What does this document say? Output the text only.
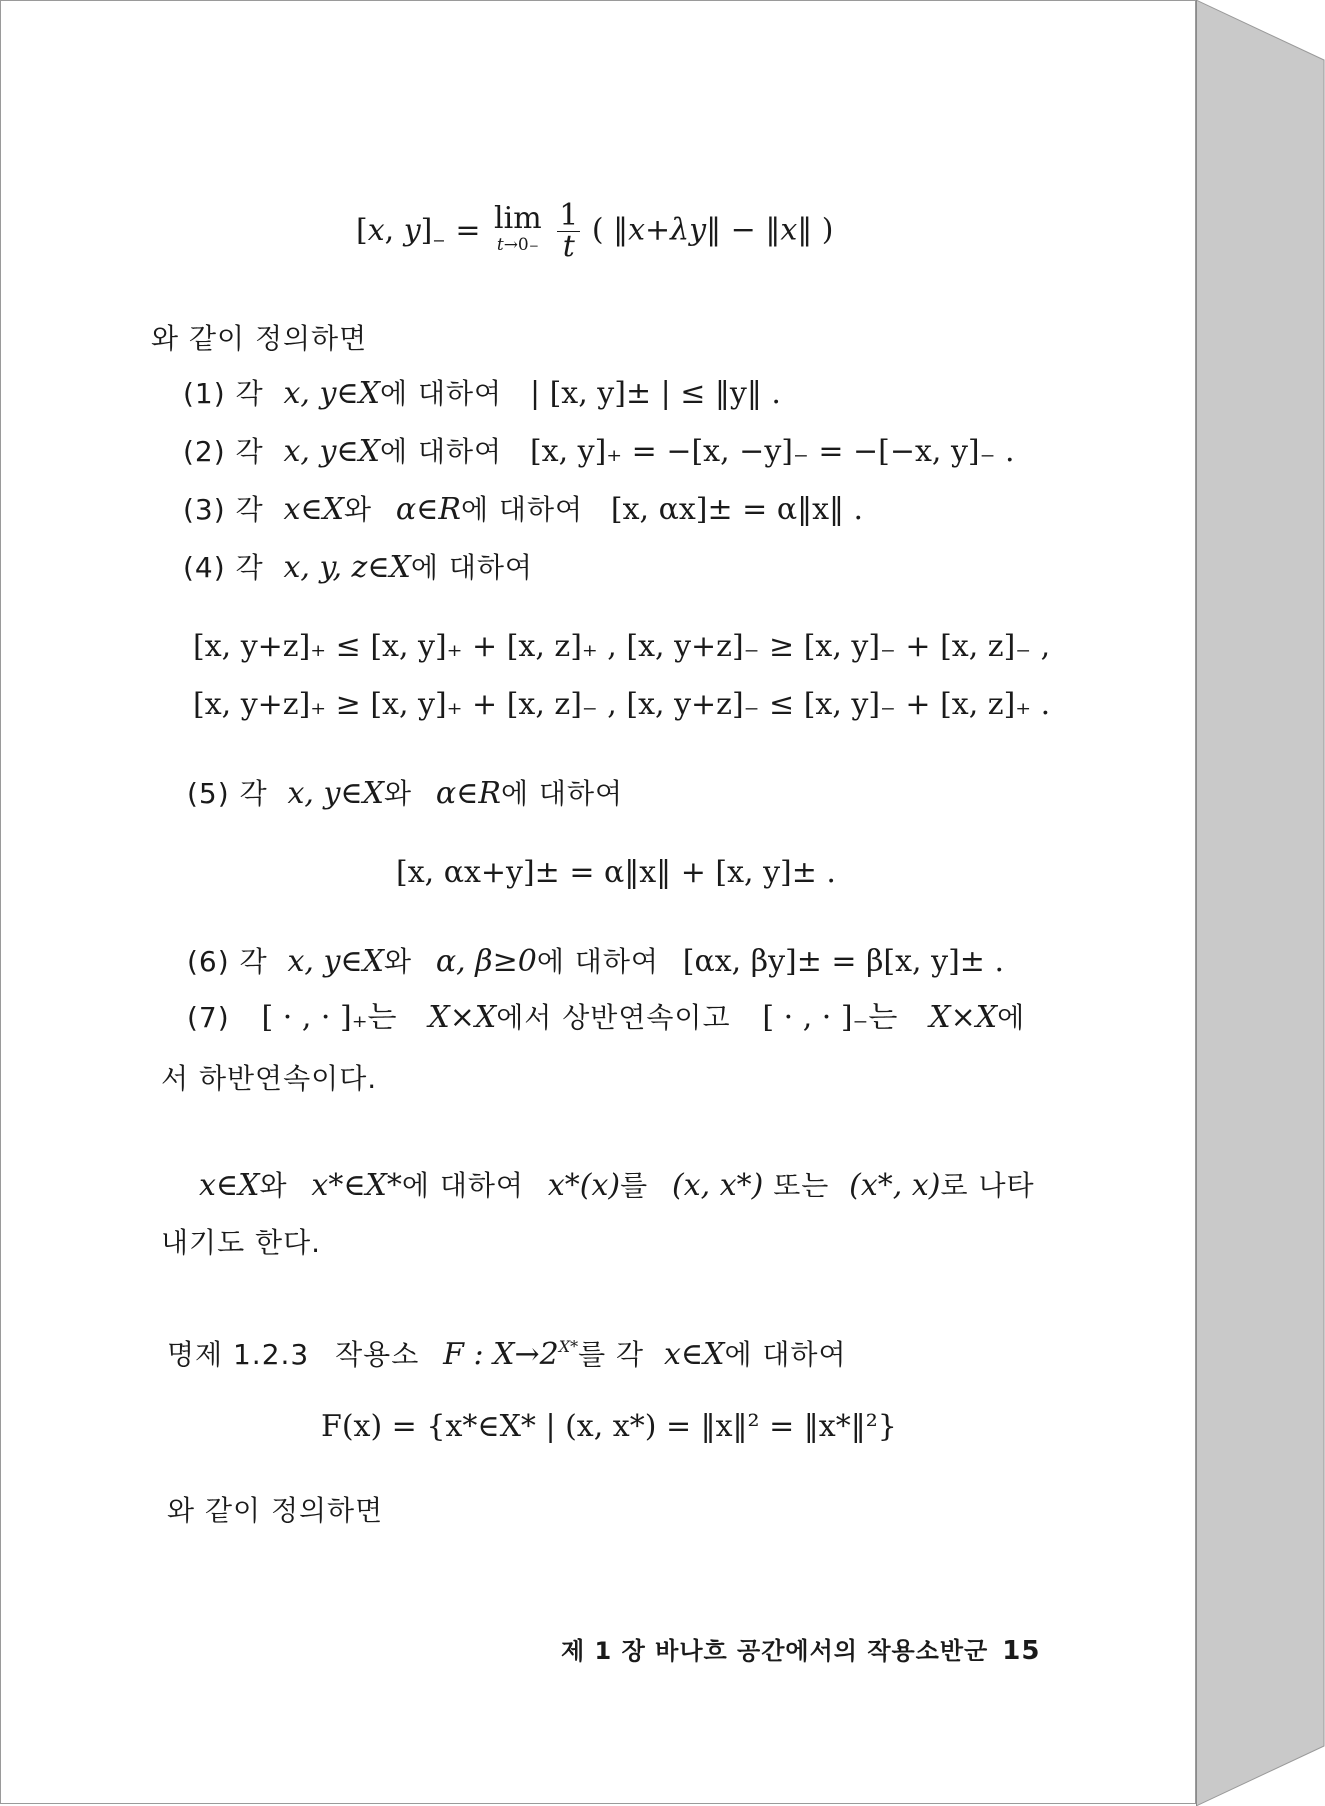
[x, $y]_- = \lim$
t→0−
$\frac{1}{t}$ ( ‖x+λy‖ − ‖x‖ )
와 같이 정의하면
(1) 각 x, y∈X에 대하여 | [x, y]± | ≤ ‖y‖ .
(2) 각 x, y∈X에 대하여 [x, y]₊ = −[x, −y]₋ = −[−x, y]₋ .
(3) 각 x∈X와 α∈R에 대하여 [x, αx]± = α‖x‖ .
(4) 각 x, y, z∈X에 대하여
[x, y+z]₊ ≤ [x, y]₊ + [x, z]₊ , [x, y+z]₋ ≥ [x, y]₋ + [x, z]₋ ,
[x, y+z]₊ ≥ [x, y]₊ + [x, z]₋ , [x, y+z]₋ ≤ [x, y]₋ + [x, z]₊ .
(5) 각 x, y∈X와 α∈R에 대하여
[x, αx+y]± = α‖x‖ + [x, y]± .
(6) 각 x, y∈X와 α, β≥0에 대하여 [αx, βy]± = β[x, y]± .
(7) [ · , · ]₊는 X×X에서 상반연속이고 [ · , · ]₋는 X×X에
서 하반연속이다.
x∈X와 x*∈X*에 대하여 x*(x)를 (x, x*) 또는 (x*, x)로 나타
내기도 한다.
명제 1.2.3 작용소 F : $X\to 2^{X*}$를 각 x∈X에 대하여
F(x) = {x*∈X* | (x, x*) = ‖x‖² = ‖x*‖²}
와 같이 정의하면
제 1 장 바나흐 공간에서의 작용소반군 15
